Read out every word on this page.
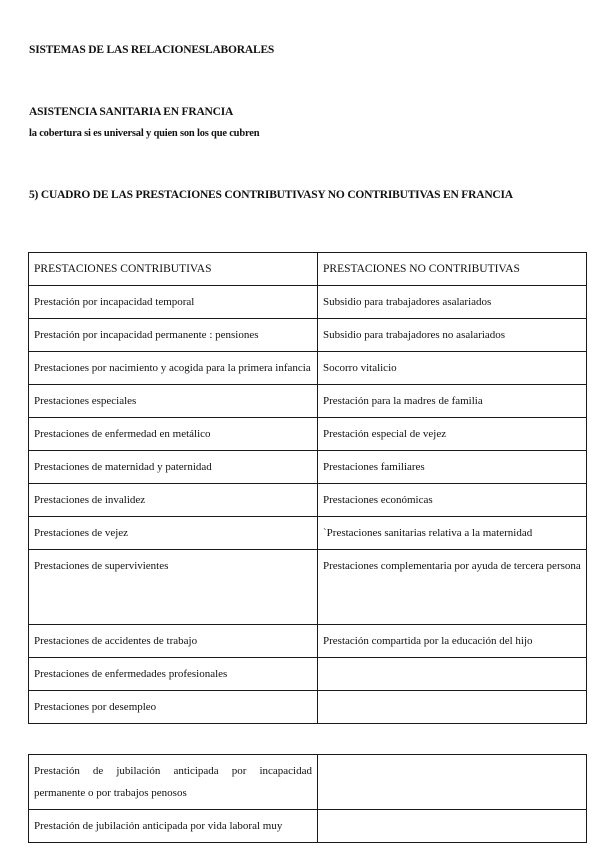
SISTEMAS DE LAS RELACIONESLABORALES
ASISTENCIA SANITARIA EN FRANCIA

la cobertura si es universal y quien son los que cubren

5) CUADRO DE LAS PRESTACIONES CONTRIBUTIVASY NO CONTRIBUTIVAS EN FRANCIA
PRESTACIONES CONTRIBUTIVAS	PRESTACIONES NO CONTRIBUTIVAS
Prestación por incapacidad temporal	Subsidio para trabajadores asalariados
Prestación por incapacidad permanente : pensiones	Subsidio para trabajadores no asalariados
Prestaciones por nacimiento y acogida para la primera infancia	Socorro vitalicio
Prestaciones especiales	Prestación para la madres de familia
Prestaciones de enfermedad en metálico	Prestación especial de vejez
Prestaciones de maternidad y paternidad	Prestaciones familiares
Prestaciones de invalidez	Prestaciones económicas
Prestaciones de vejez	`Prestaciones sanitarias relativa a la maternidad
Prestaciones de supervivientes	Prestaciones complementaria por ayuda de tercera persona
Prestaciones de accidentes de trabajo	Prestación compartida por la educación del hijo
Prestaciones de enfermedades profesionales	
Prestaciones por desempleo	
Prestación de jubilación anticipada por incapacidad permanente o por trabajos penosos	
Prestación de jubilación anticipada por vida laboral muy	
